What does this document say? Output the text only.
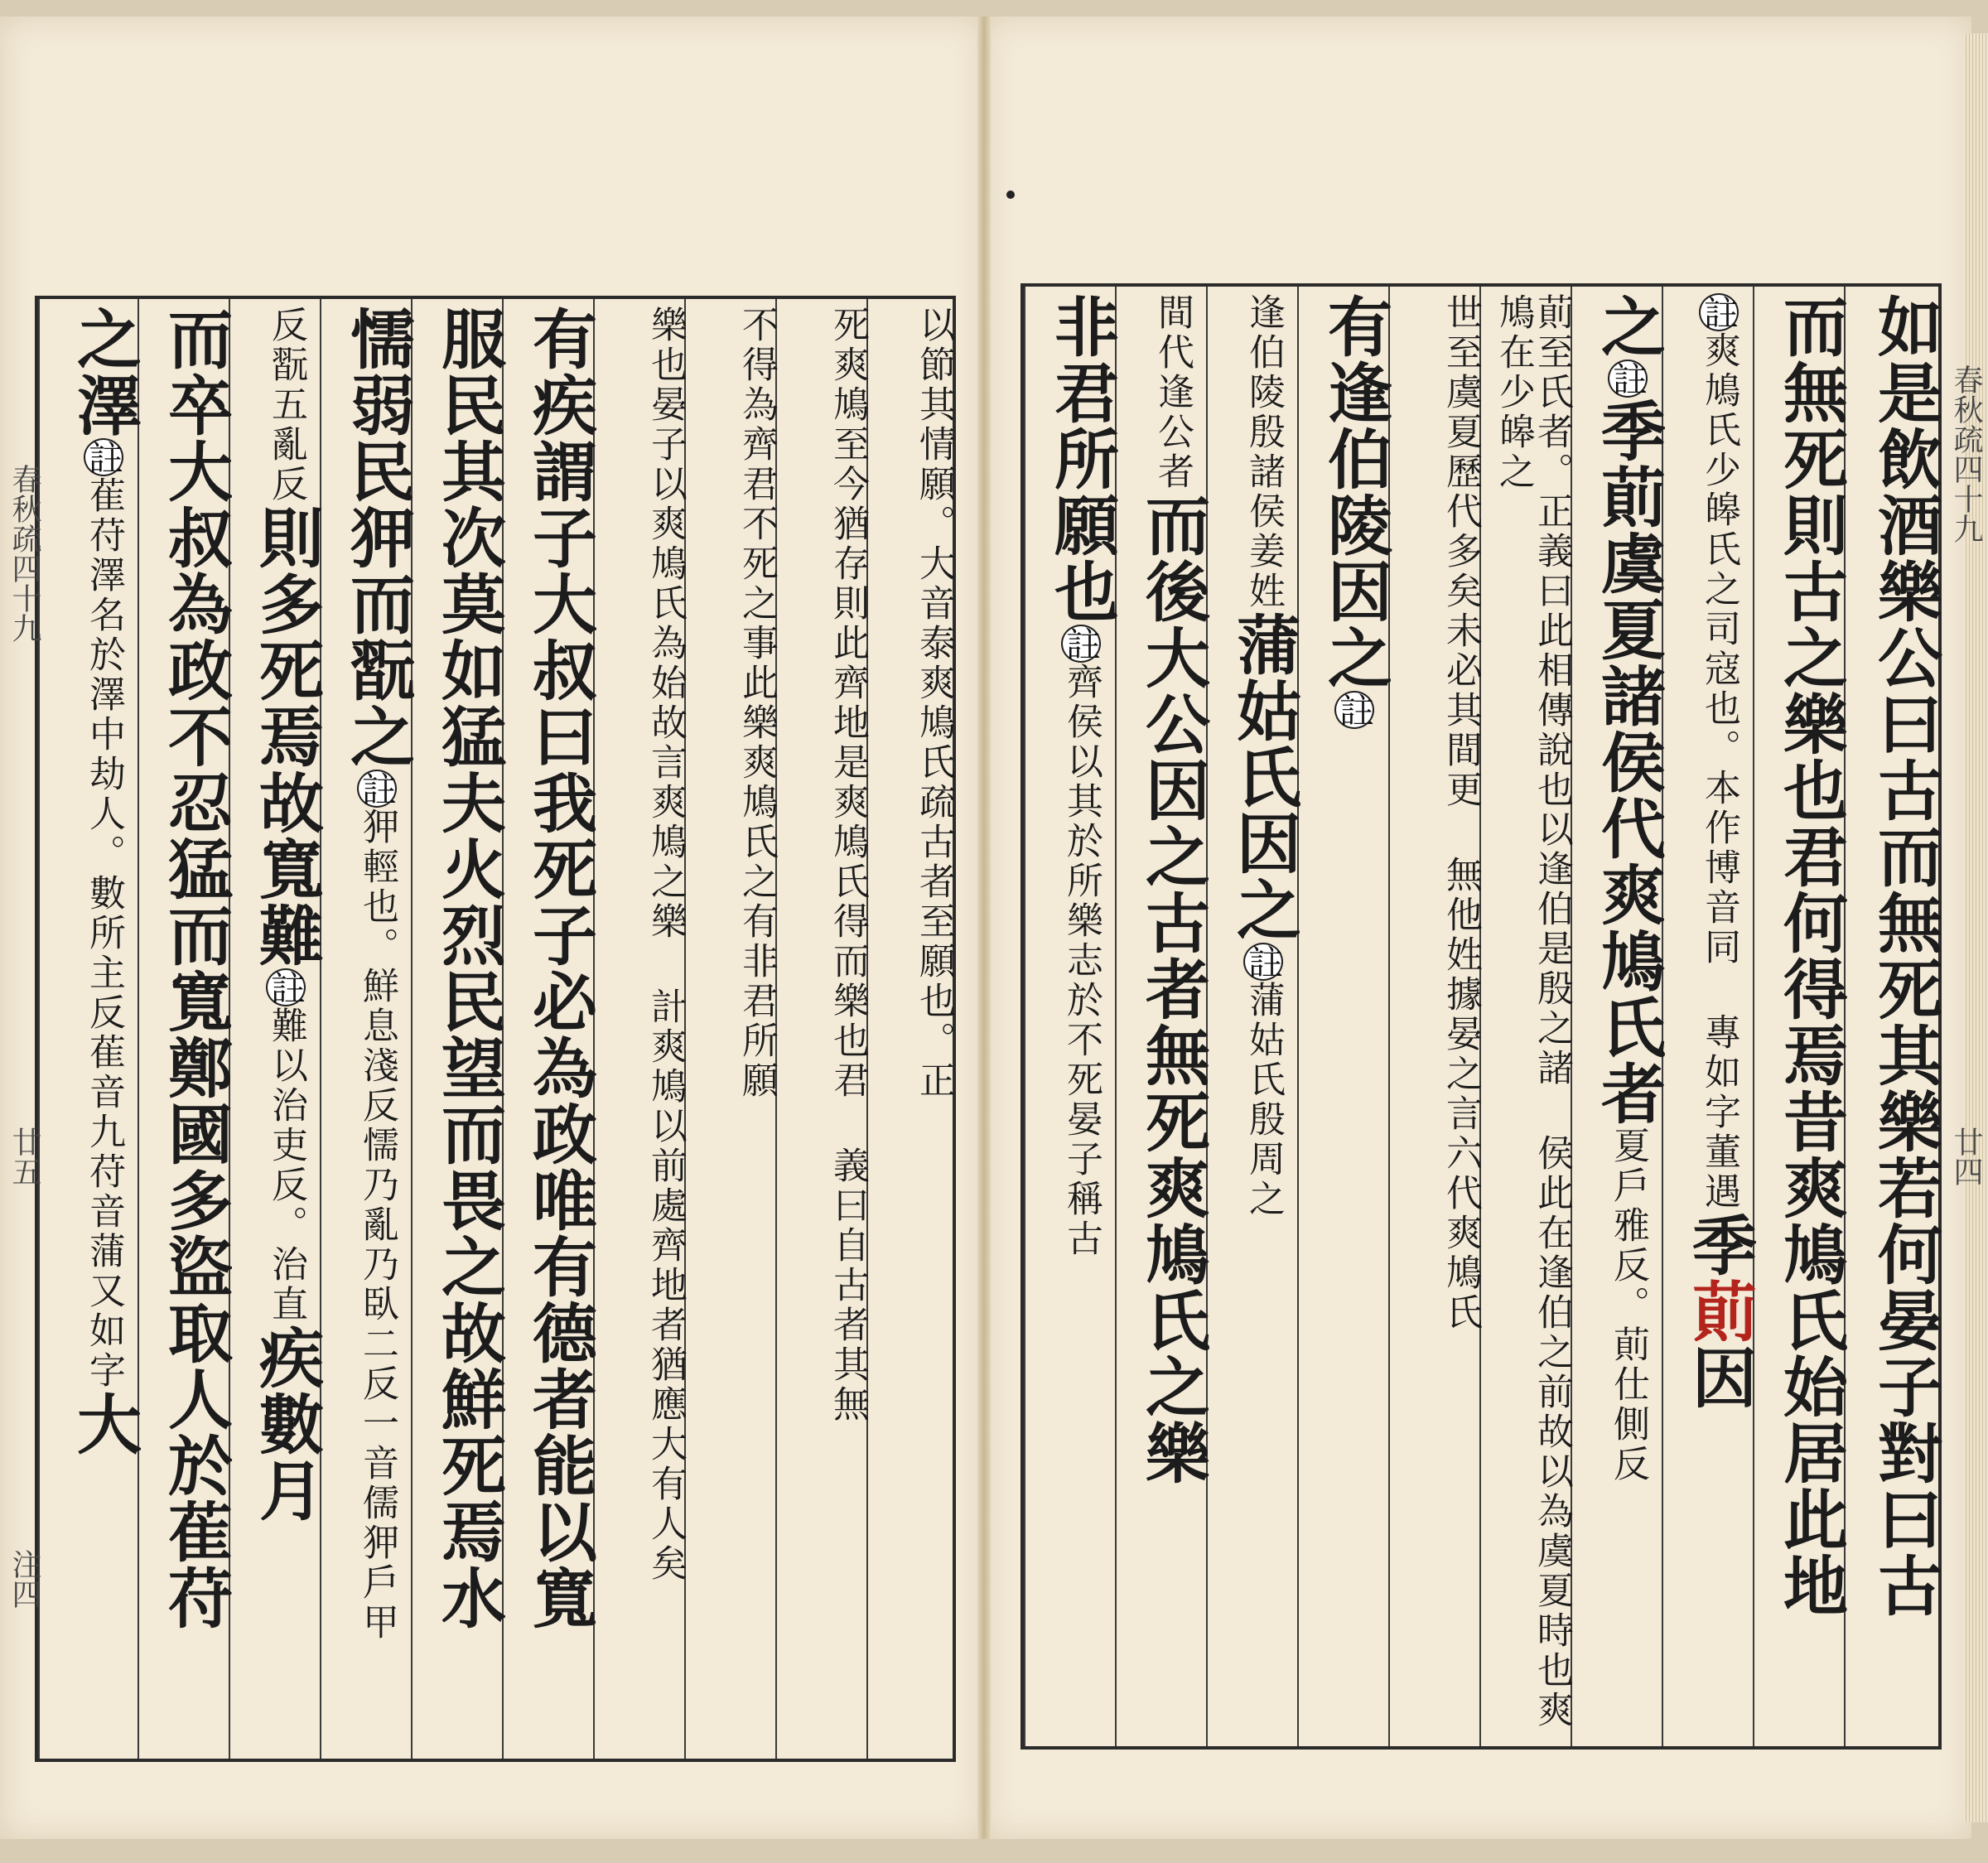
以節其情願。大音泰爽鳩氏疏古者至願也。正
死爽鳩至今猶存則此齊地是爽鳩氏得而樂也君 義曰自古者其無
不得為齊君不死之事此樂爽鳩氏之有非君所願
樂也晏子以爽鳩氏為始故言爽鳩之樂 計爽鳩以前處齊地者猶應大有人矣
有疾謂子大叔曰我死子必為政唯有德者能以寬
服民其次莫如猛夫火烈民望而畏之故鮮死焉水
懦弱民狎而翫之註狎輕也。鮮息淺反懦乃亂乃臥二反一音儒狎戶甲
反翫五亂反則多死焉故寬難註難以治吏反。治直疾數月
而卒大叔為政不忍猛而寬鄭國多盜取人於萑苻
之澤註萑苻澤名於澤中劫人。數所主反萑音九苻音蒲又如字大
春秋疏四十九
廿五
注四	如是飲酒樂公曰古而無死其樂若何晏子對曰古
而無死則古之樂也君何得焉昔爽鳩氏始居此地
註爽鳩氏少皞氏之司寇也。本作博音同 專如字董遇季萴因
之註季萴虞夏諸侯代爽鳩氏者夏戶雅反。萴仕側反
萴至氏者。正義曰此相傳說也以逢伯是殷之諸 侯此在逢伯之前故以為虞夏時也爽鳩在少皞之
世至虞夏歷代多矣未必其間更 無他姓據晏之言六代爽鳩氏
有逢伯陵因之註
逢伯陵殷諸侯姜姓蒲姑氏因之註蒲姑氏殷周之
間代逢公者而後大公因之古者無死爽鳩氏之樂
非君所願也註齊侯以其於所樂志於不死晏子稱古
春秋疏四十九
廿四
